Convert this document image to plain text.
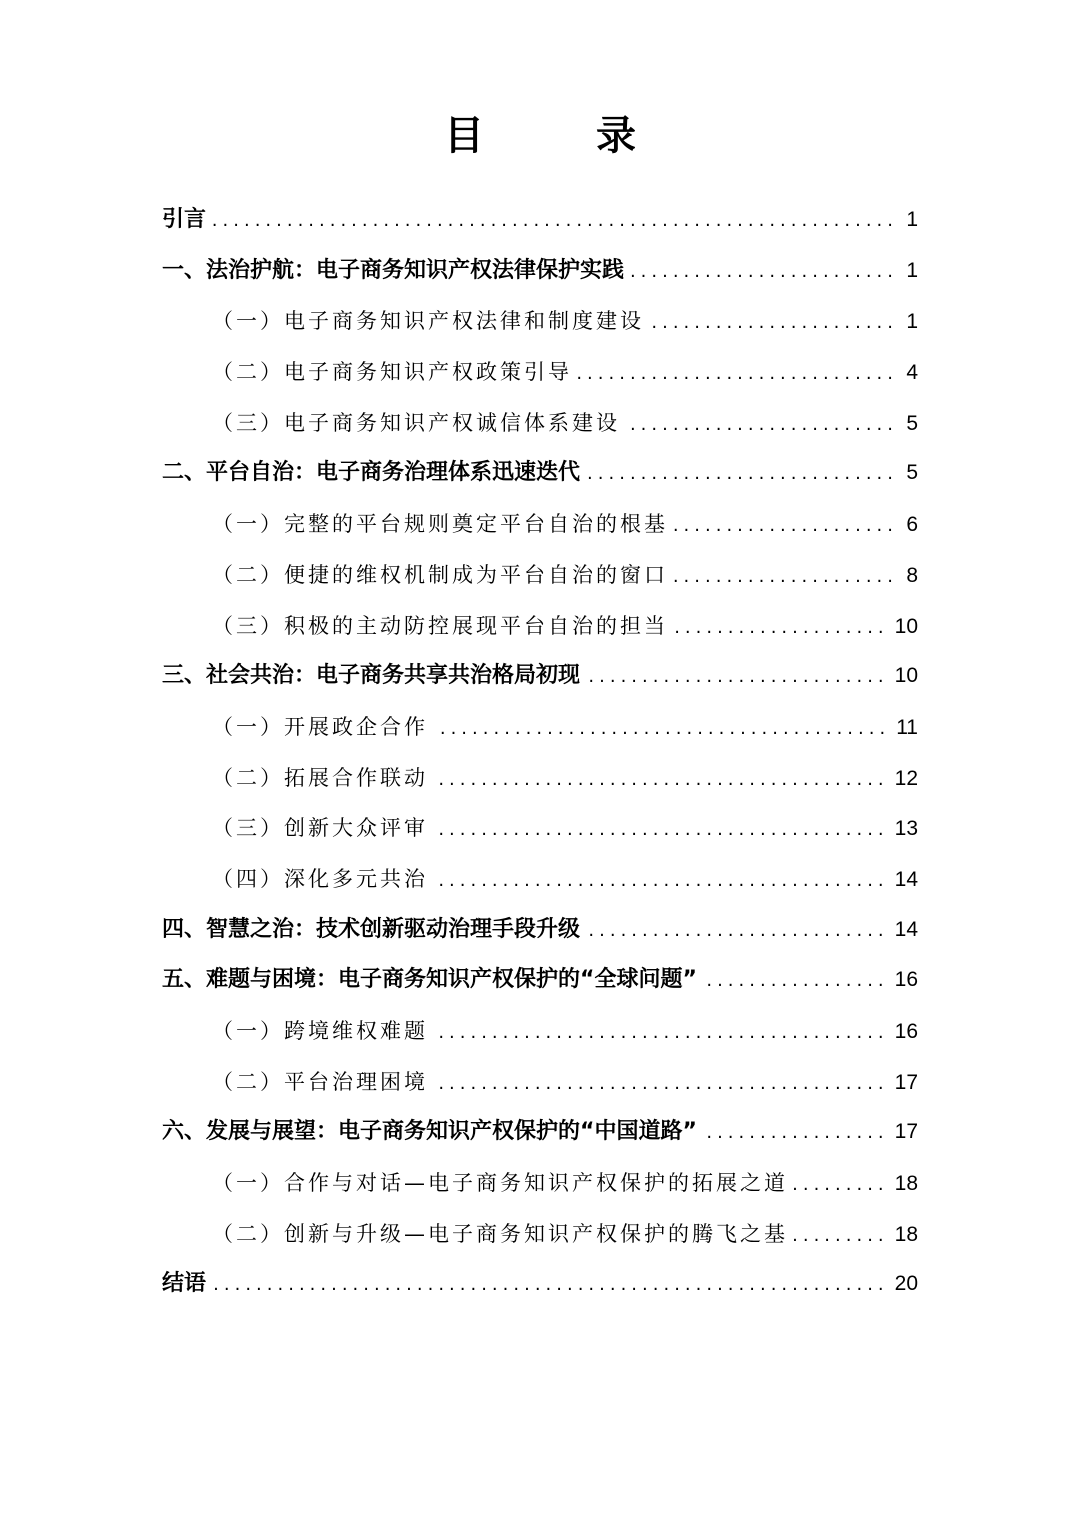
目　录
引言 .....	1
一、法治护航：电子商务知识产权法律保护实践 .....	1
（一）电子商务知识产权法律和制度建设 .....	1
（二）电子商务知识产权政策引导 .....	4
（三）电子商务知识产权诚信体系建设 .....	5
二、平台自治：电子商务治理体系迅速迭代 .....	5
（一）完整的平台规则奠定平台自治的根基 .....	6
（二）便捷的维权机制成为平台自治的窗口 .....	8
（三）积极的主动防控展现平台自治的担当 .....	10
三、社会共治：电子商务共享共治格局初现 .....	10
（一）开展政企合作 .....	11
（二）拓展合作联动 .....	12
（三）创新大众评审 .....	13
（四）深化多元共治 .....	14
四、智慧之治：技术创新驱动治理手段升级 .....	14
五、难题与困境：电子商务知识产权保护的“全球问题” .....	16
（一）跨境维权难题 .....	16
（二）平台治理困境 .....	17
六、发展与展望：电子商务知识产权保护的“中国道路” .....	17
（一）合作与对话—电子商务知识产权保护的拓展之道 .....	18
（二）创新与升级—电子商务知识产权保护的腾飞之基 .....	18
结语 .....	20
